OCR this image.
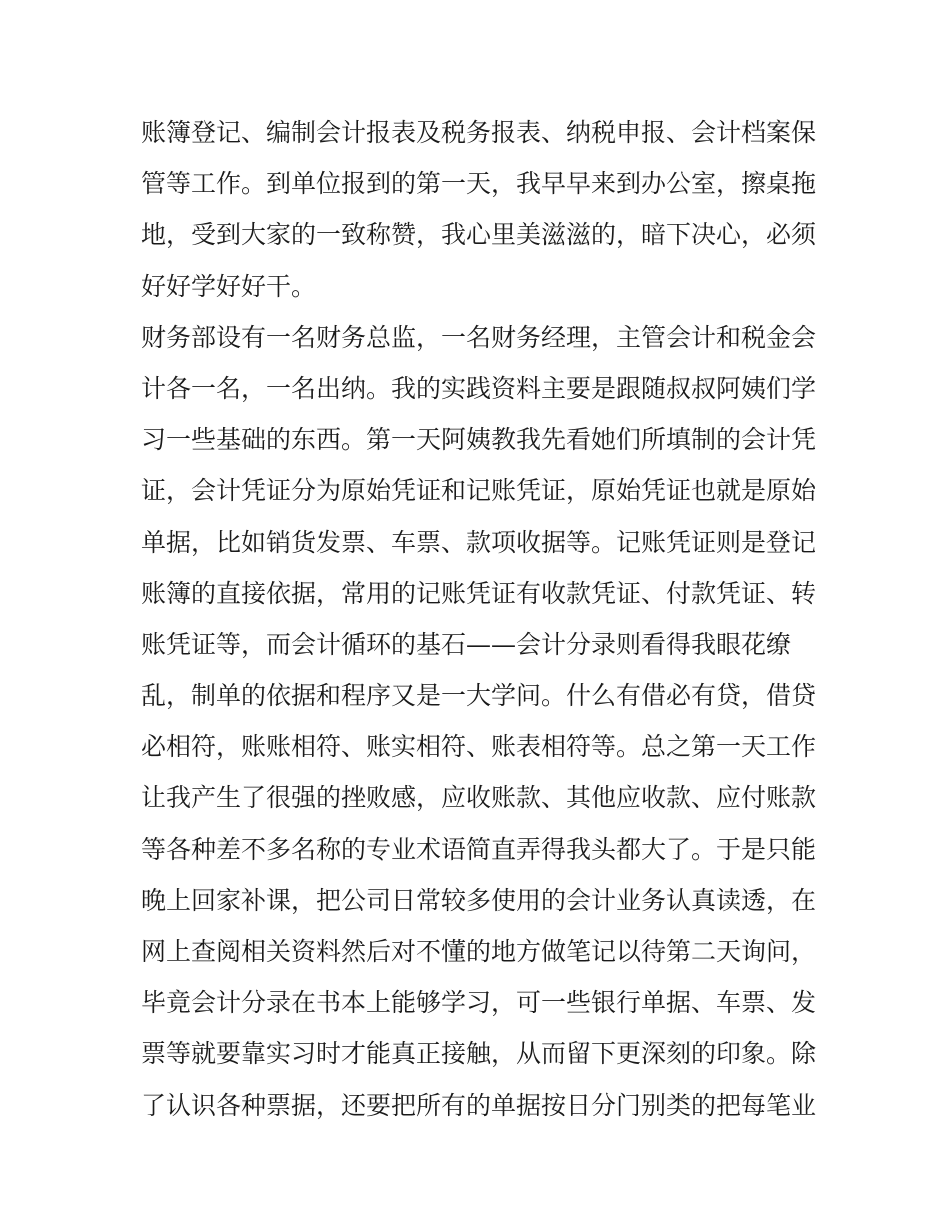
账簿登记、编制会计报表及税务报表、纳税申报、会计档案保
管等工作。到单位报到的第一天，我早早来到办公室，擦桌拖
地，受到大家的一致称赞，我心里美滋滋的，暗下决心，必须
好好学好好干。
财务部设有一名财务总监，一名财务经理，主管会计和税金会
计各一名，一名出纳。我的实践资料主要是跟随叔叔阿姨们学
习一些基础的东西。第一天阿姨教我先看她们所填制的会计凭
证，会计凭证分为原始凭证和记账凭证，原始凭证也就是原始
单据，比如销货发票、车票、款项收据等。记账凭证则是登记
账簿的直接依据，常用的记账凭证有收款凭证、付款凭证、转
账凭证等，而会计循环的基石——会计分录则看得我眼花缭
乱，制单的依据和程序又是一大学问。什么有借必有贷，借贷
必相符，账账相符、账实相符、账表相符等。总之第一天工作
让我产生了很强的挫败感，应收账款、其他应收款、应付账款
等各种差不多名称的专业术语简直弄得我头都大了。于是只能
晚上回家补课，把公司日常较多使用的会计业务认真读透，在
网上查阅相关资料然后对不懂的地方做笔记以待第二天询问，
毕竟会计分录在书本上能够学习，可一些银行单据、车票、发
票等就要靠实习时才能真正接触，从而留下更深刻的印象。除
了认识各种票据，还要把所有的单据按日分门别类的把每笔业
